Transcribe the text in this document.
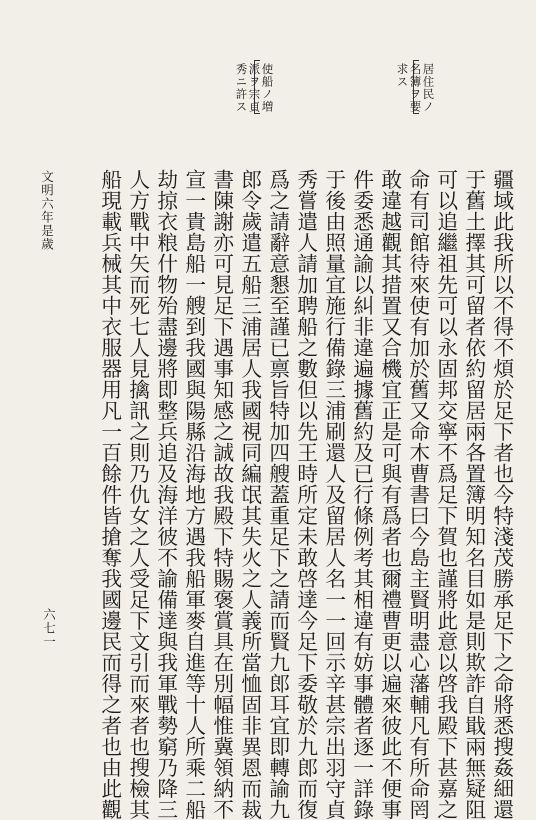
居住民ノ
名簿ヲ要
求ス
使船ノ増
派ヲ宗貞
秀ニ許ス
疆域此我所以不得不煩於足下者也今特淺茂勝承足下之命將悉搜姦細還
于舊土擇其可留者依約留居兩各置簿明知名目如是則欺詐自戢兩無疑阻
可以追繼祖先可以永固邦交寧不爲足下賀也謹將此意以啓我殿下甚嘉之
命有司館待來使有加於舊又命木曹書曰今島主賢明盡心藩輔凡有所命罔
敢違越觀其措置又合機宜正是可與有爲者也爾禮曹更以遍來彼此不便事
件委悉通諭以糾非違遍據舊約及已行條例考其相違有妨事體者逐一詳錄
于後由照量宜施行備錄三浦刷還人及留居人名一一回示辛甚宗出羽守貞
秀嘗遣人請加聘船之數但以先王時所定未敢啓達今足下委敬於九郎而復
爲之請辭意懇至謹已禀旨特加四艘蓋重足下之請而賢九郎耳宜即轉諭九
郎令歲遣五船三浦居人我國視同編氓其失火之人義所當恤固非異恩而裁
書陳謝亦可見足下遇事知感之誠故我殿下特賜褒賞具在別幅惟冀領納不
宣一貴島船一艘到我國與陽縣沿海地方遇我船軍麥自進等十人所乘二船
劫掠衣粮什物殆盡邊將即整兵追及海洋彼不諭備達與我軍戰勢窮乃降三
人方戰中矢而死七人見擒訊之則乃仇女之人受足下文引而來者也搜檢其
船現載兵械其中衣服器用凡一百餘件皆搶奪我國邊民而得之者也由此觀
文明六年是歲
六七一
